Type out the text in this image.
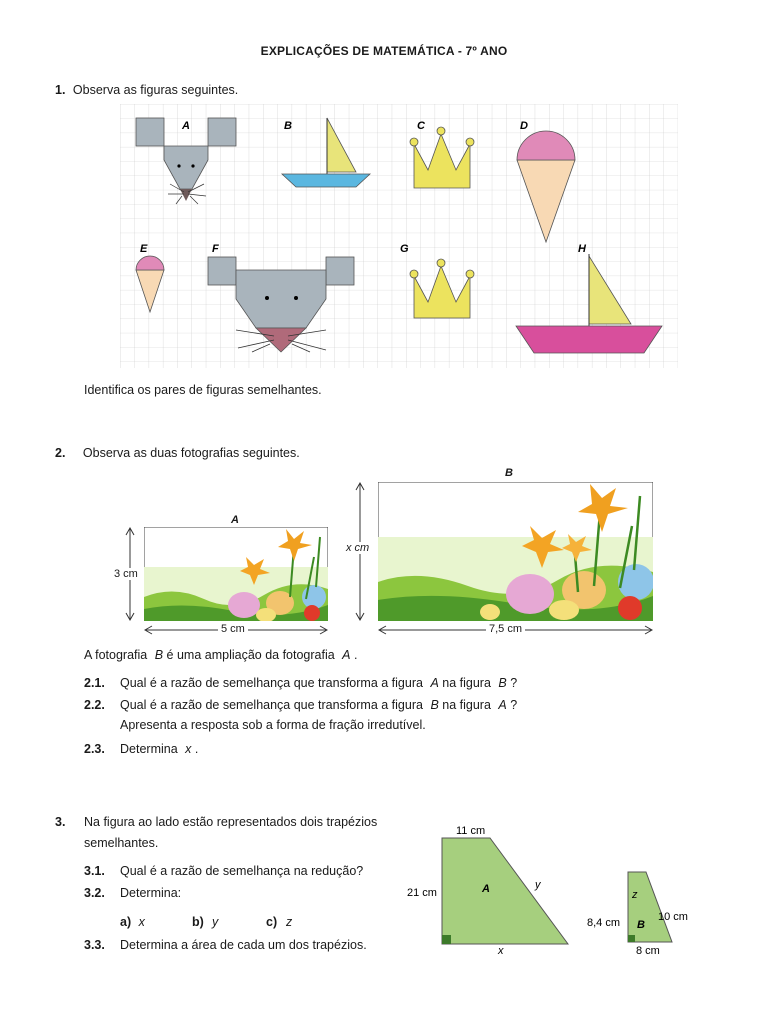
EXPLICAÇÕES DE MATEMÁTICA - 7º ANO
1. Observa as figuras seguintes.
A	B	C	D
E	F	G	H
Identifica os pares de figuras semelhantes.
2. Observa as duas fotografias seguintes.
A
3 cm
5 cm
B
x cm
7,5 cm
A fotografia B é uma ampliação da fotografia A .
2.1. Qual é a razão de semelhança que transforma a figura A na figura B ?
2.2. Qual é a razão de semelhança que transforma a figura B na figura A ?
Apresenta a resposta sob a forma de fração irredutível.
2.3. Determina x .
3. Na figura ao lado estão representados dois trapézios
semelhantes.
3.1. Qual é a razão de semelhança na redução?
3.2. Determina:
a) x	b) y	c) z
3.3. Determina a área de cada um dos trapézios.
11 cm
21 cm	A	y
x
z
8,4 cm B
10 cm
8 cm
